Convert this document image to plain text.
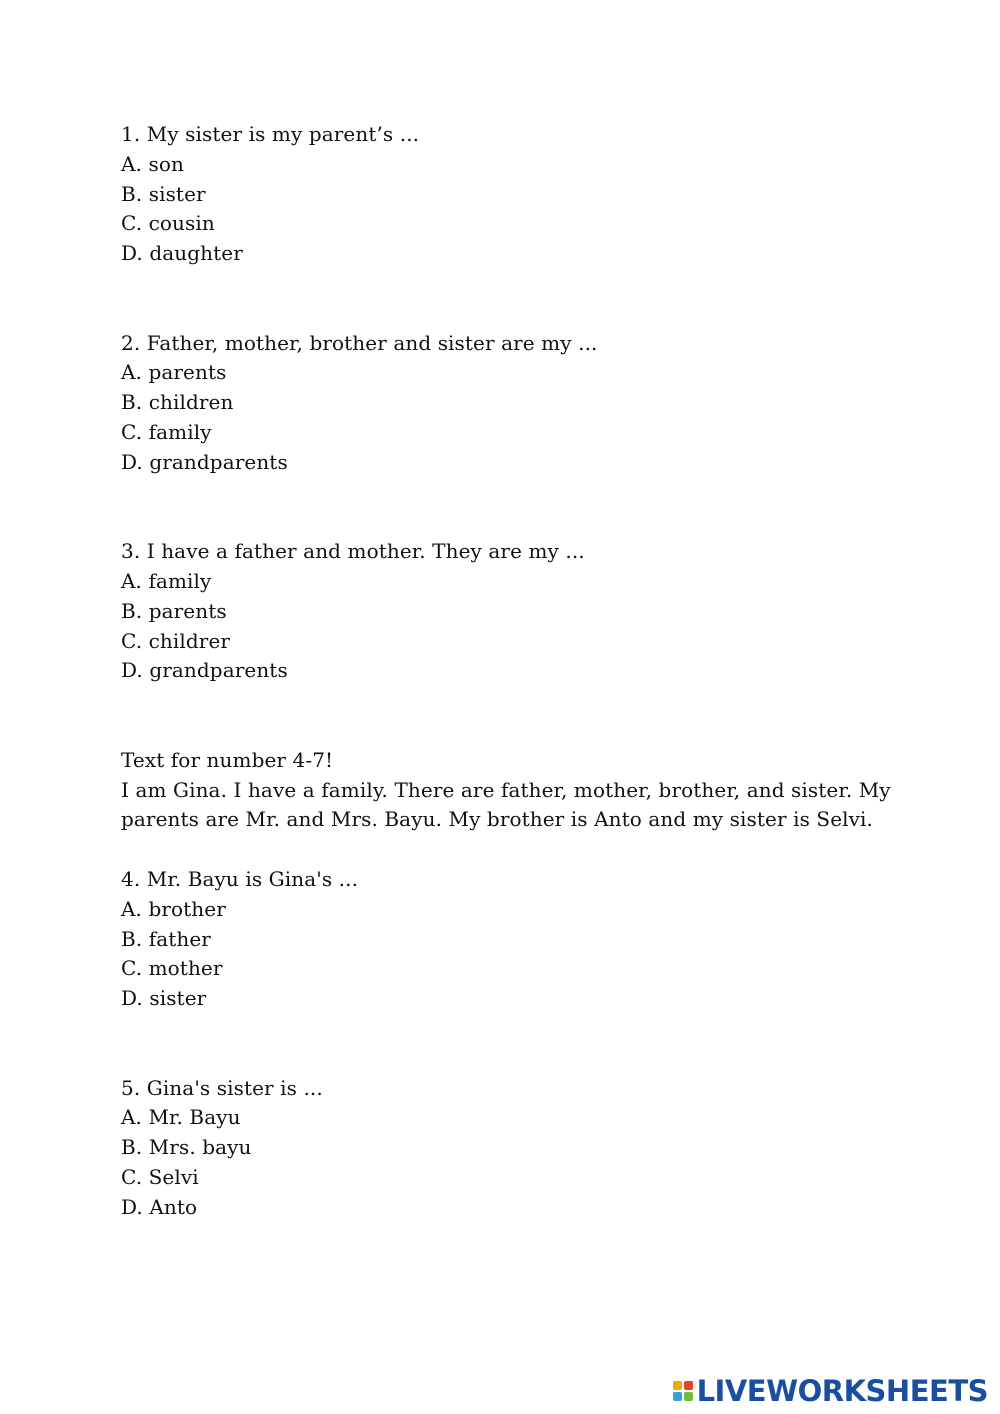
1. My sister is my parent’s ...
A. son
B. sister
C. cousin
D. daughter
2. Father, mother, brother and sister are my ...
A. parents
B. children
C. family
D. grandparents
3. I have a father and mother. They are my ...
A. family
B. parents
C. childrer
D. grandparents
Text for number 4-7!
I am Gina. I have a family. There are father, mother, brother, and sister. My
parents are Mr. and Mrs. Bayu. My brother is Anto and my sister is Selvi.
4. Mr. Bayu is Gina's ...
A. brother
B. father
C. mother
D. sister
5. Gina's sister is ...
A. Mr. Bayu
B. Mrs. bayu
C. Selvi
D. Anto
LIVEWORKSHEETS
